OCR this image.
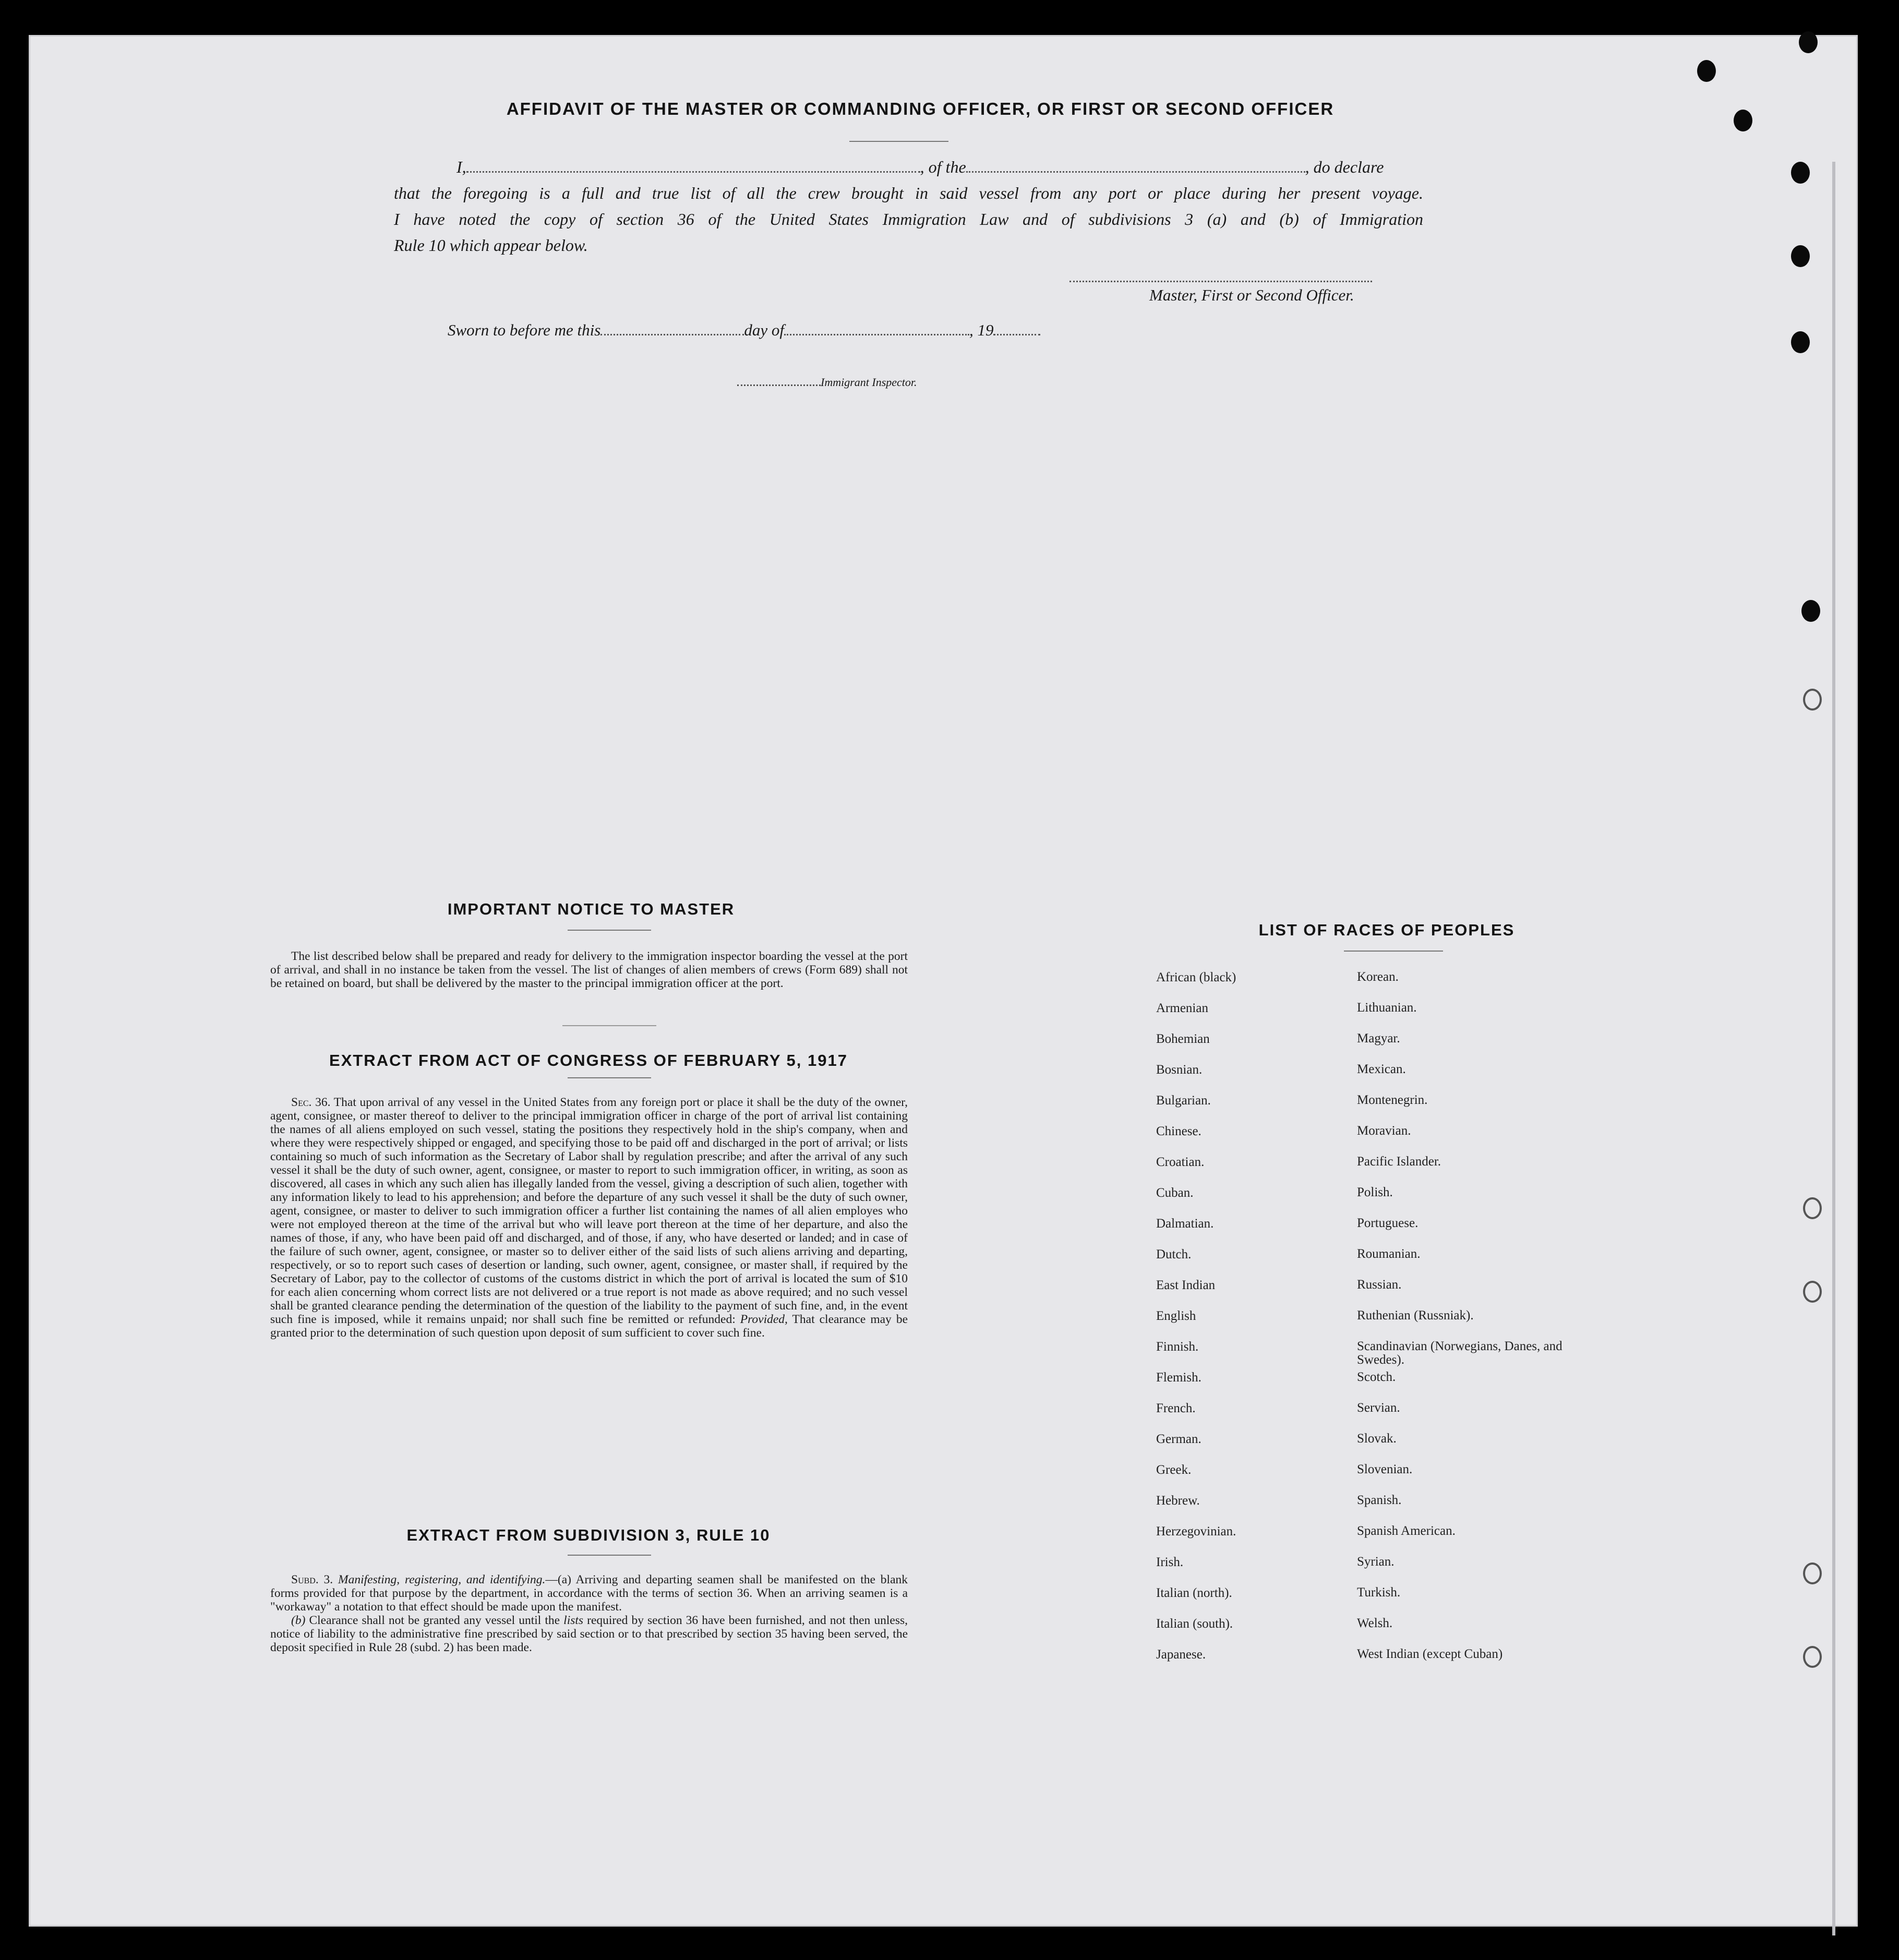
AFFIDAVIT OF THE MASTER OR COMMANDING OFFICER, OR FIRST OR SECOND OFFICER
I,	, of the	, do declare
that the foregoing is a full and true list of all the crew brought in said vessel from any port or place during her present voyage.
I have noted the copy of section 36 of the United States Immigration Law and of subdivisions 3 (a) and (b) of Immigration
Rule 10 which appear below.
Master, First or Second Officer.
Sworn to before me this	day of	, 19
Immigrant Inspector.
IMPORTANT NOTICE TO MASTER

The list described below shall be prepared and ready for delivery to the immigration inspector boarding the vessel at the port of arrival, and shall in no instance be taken from the vessel. The list of changes of alien members of crews (Form 689) shall not be retained on board, but shall be delivered by the master to the principal immigration officer at the port.

EXTRACT FROM ACT OF CONGRESS OF FEBRUARY 5, 1917

Sec. 36. That upon arrival of any vessel in the United States from any foreign port or place it shall be the duty of the owner, agent, consignee, or master thereof to deliver to the principal immigration officer in charge of the port of arrival list containing the names of all aliens employed on such vessel, stating the positions they respectively hold in the ship's company, when and where they were respectively shipped or engaged, and specifying those to be paid off and discharged in the port of arrival; or lists containing so much of such information as the Secretary of Labor shall by regulation prescribe; and after the arrival of any such vessel it shall be the duty of such owner, agent, consignee, or master to report to such immigration officer, in writing, as soon as discovered, all cases in which any such alien has illegally landed from the vessel, giving a description of such alien, together with any information likely to lead to his apprehension; and before the departure of any such vessel it shall be the duty of such owner, agent, consignee, or master to deliver to such immigration officer a further list containing the names of all alien employes who were not employed thereon at the time of the arrival but who will leave port thereon at the time of her departure, and also the names of those, if any, who have been paid off and discharged, and of those, if any, who have deserted or landed; and in case of the failure of such owner, agent, consignee, or master so to deliver either of the said lists of such aliens arriving and departing, respectively, or so to report such cases of desertion or landing, such owner, agent, consignee, or master shall, if required by the Secretary of Labor, pay to the collector of customs of the customs district in which the port of arrival is located the sum of $10 for each alien concerning whom correct lists are not delivered or a true report is not made as above required; and no such vessel shall be granted clearance pending the determination of the question of the liability to the payment of such fine, and, in the event such fine is imposed, while it remains unpaid; nor shall such fine be remitted or refunded: Provided, That clearance may be granted prior to the determination of such question upon deposit of sum sufficient to cover such fine.

EXTRACT FROM SUBDIVISION 3, RULE 10

Subd. 3. Manifesting, registering, and identifying.—(a) Arriving and departing seamen shall be manifested on the blank forms provided for that purpose by the department, in accordance with the terms of section 36. When an arriving seamen is a "workaway" a notation to that effect should be made upon the manifest.

(b) Clearance shall not be granted any vessel until the lists required by section 36 have been furnished, and not then unless, notice of liability to the administrative fine prescribed by said section or to that prescribed by section 35 having been served, the deposit specified in Rule 28 (subd. 2) has been made.

LIST OF RACES OF PEOPLES
African (black)	Korean.
Armenian	Lithuanian.
Bohemian	Magyar.
Bosnian.	Mexican.
Bulgarian.	Montenegrin.
Chinese.	Moravian.
Croatian.	Pacific Islander.
Cuban.	Polish.
Dalmatian.	Portuguese.
Dutch.	Roumanian.
East Indian	Russian.
English	Ruthenian (Russniak).
Finnish.	Scandinavian (Norwegians, Danes, and Swedes).
Flemish.	Scotch.
French.	Servian.
German.	Slovak.
Greek.	Slovenian.
Hebrew.	Spanish.
Herzegovinian.	Spanish American.
Irish.	Syrian.
Italian (north).	Turkish.
Italian (south).	Welsh.
Japanese.	West Indian (except Cuban)
